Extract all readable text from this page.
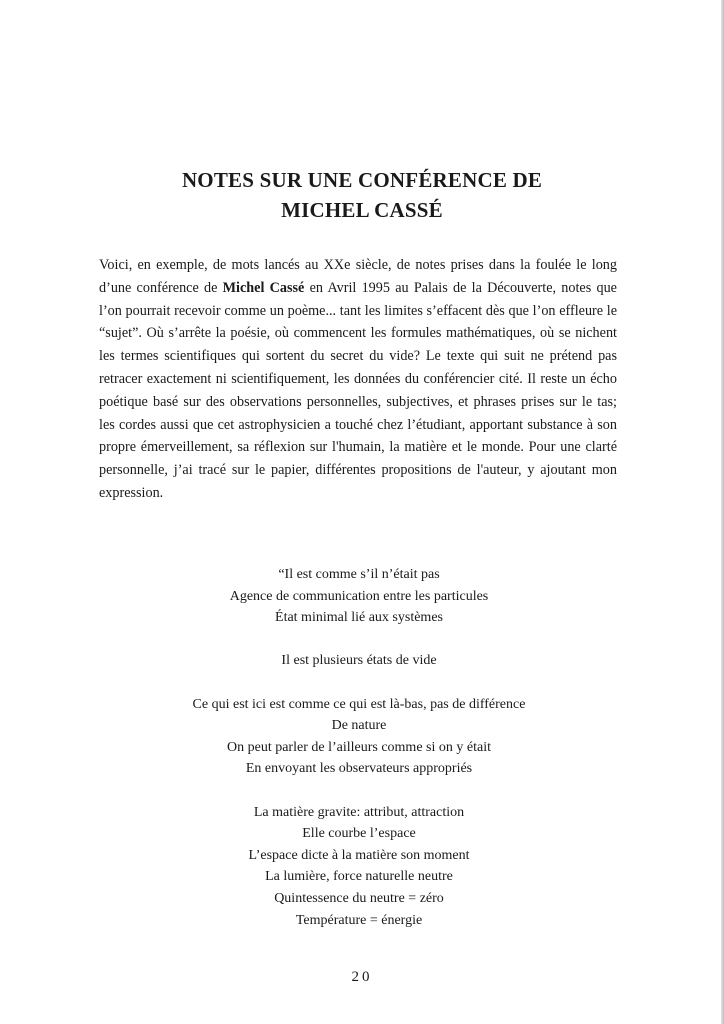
NOTES SUR UNE CONFÉRENCE DE
MICHEL CASSÉ

Voici, en exemple, de mots lancés au XXe siècle, de notes prises dans la foulée le long d’une conférence de Michel Cassé en Avril 1995 au Palais de la Découverte, notes que l’on pourrait recevoir comme un poème... tant les limites s’effacent dès que l’on effleure le “sujet”. Où s’arrête la poésie, où commencent les formules mathématiques, où se nichent les termes scientifiques qui sortent du secret du vide? Le texte qui suit ne prétend pas retracer exactement ni scientifiquement, les données du conférencier cité. Il reste un écho poétique basé sur des observations personnelles, subjectives, et phrases prises sur le tas; les cordes aussi que cet astrophysicien a touché chez l’étudiant, apportant substance à son propre émerveillement, sa réflexion sur l'humain, la matière et le monde. Pour une clarté personnelle, j’ai tracé sur le papier, différentes propositions de l'auteur, y ajoutant mon expression.

“Il est comme s’il n’était pas
Agence de communication entre les particules
État minimal lié aux systèmes
Il est plusieurs états de vide
Ce qui est ici est comme ce qui est là-bas, pas de différence
De nature
On peut parler de l’ailleurs comme si on y était
En envoyant les observateurs appropriés
La matière gravite: attribut, attraction
Elle courbe l’espace
L’espace dicte à la matière son moment
La lumière, force naturelle neutre
Quintessence du neutre = zéro
Température = énergie
20
